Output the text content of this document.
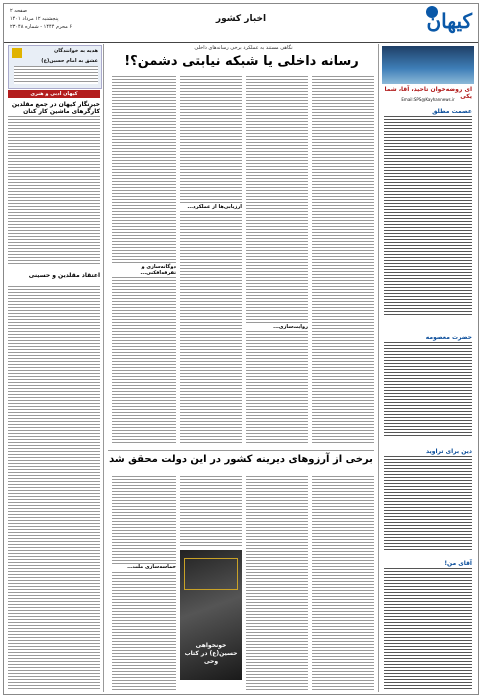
کیهان
اخبار کشور
صفحه ۲
پنجشنبه ۱۲ مرداد ۱۴۰۱
۶ محرم ۱۴۴۴ - شماره ۲۳۰۴۸
نگاهی مستند به عملکرد برخی رسانه‌های داخلی
رسانه داخلی یا شبکه نیابتی دشمن؟!
ای روضه‌خوان تاحید، آقا، شما یکی
Email:SPS@Kayhannews.ir
عصمت مطلق
حضرت معصومه
دین برای تراوید
آقای من!
هدیه به خوانندگان
عشق به امام حسین(ع)
کیهان ادبی و هنری
خبرنگار کیهان در جمع مقلدین کارگرهای ماشین کار کنان
اعتقاد مقلدین و حسینی
ارزیابی‌ها از عملکرد...
دوگانه‌سازی و تفرقه‌افکنی...
روایت‌سازی...
برخی از آرزوهای دیرینه کشور در این دولت محقق شد
حماسه‌سازی ملت...
خونخواهی حسین(ع) در کتاب وحی
